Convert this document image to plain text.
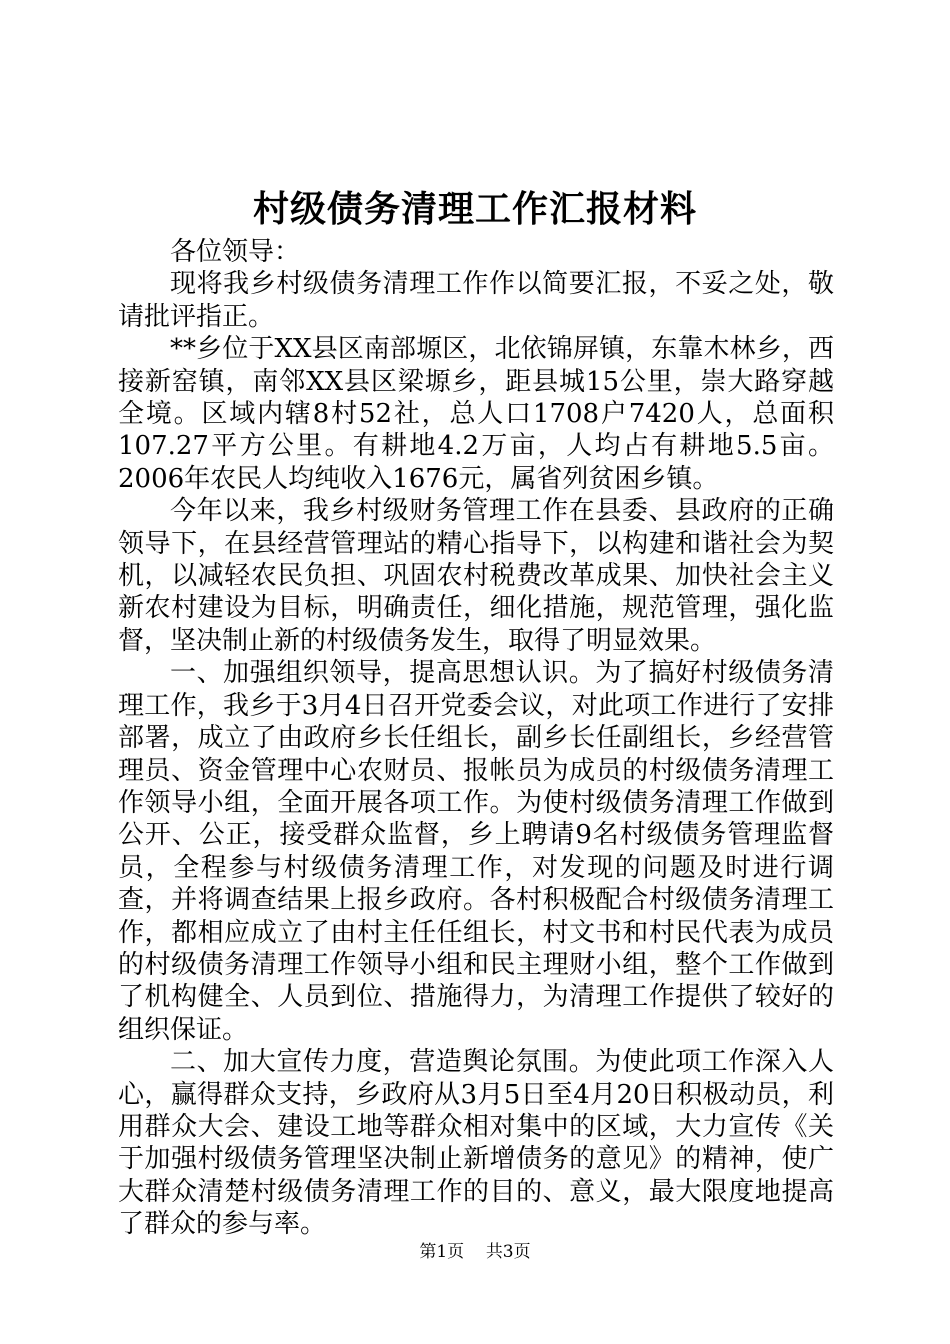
村级债务清理工作汇报材料

各位领导：

现将我乡村级债务清理工作作以简要汇报，不妥之处，敬请批评指正。

**乡位于XX县区南部塬区，北依锦屏镇，东靠木林乡，西接新窑镇，南邻XX县区梁塬乡，距县城15公里，崇大路穿越全境。区域内辖8村52社，总人口1708户7420人，总面积107.27平方公里。有耕地4.2万亩，人均占有耕地5.5亩。2006年农民人均纯收入1676元，属省列贫困乡镇。

今年以来，我乡村级财务管理工作在县委、县政府的正确领导下，在县经营管理站的精心指导下，以构建和谐社会为契机，以减轻农民负担、巩固农村税费改革成果、加快社会主义新农村建设为目标，明确责任，细化措施，规范管理，强化监督，坚决制止新的村级债务发生，取得了明显效果。

一、加强组织领导，提高思想认识。为了搞好村级债务清理工作，我乡于3月4日召开党委会议，对此项工作进行了安排部署，成立了由政府乡长任组长，副乡长任副组长，乡经营管理员、资金管理中心农财员、报帐员为成员的村级债务清理工作领导小组，全面开展各项工作。为使村级债务清理工作做到公开、公正，接受群众监督，乡上聘请9名村级债务管理监督员，全程参与村级债务清理工作，对发现的问题及时进行调查，并将调查结果上报乡政府。各村积极配合村级债务清理工作，都相应成立了由村主任任组长，村文书和村民代表为成员的村级债务清理工作领导小组和民主理财小组，整个工作做到了机构健全、人员到位、措施得力，为清理工作提供了较好的组织保证。

二、加大宣传力度，营造舆论氛围。为使此项工作深入人心，赢得群众支持，乡政府从3月5日至4月20日积极动员，利用群众大会、建设工地等群众相对集中的区域，大力宣传《关于加强村级债务管理坚决制止新增债务的意见》的精神，使广大群众清楚村级债务清理工作的目的、意义，最大限度地提高了群众的参与率。

第1页 共3页
